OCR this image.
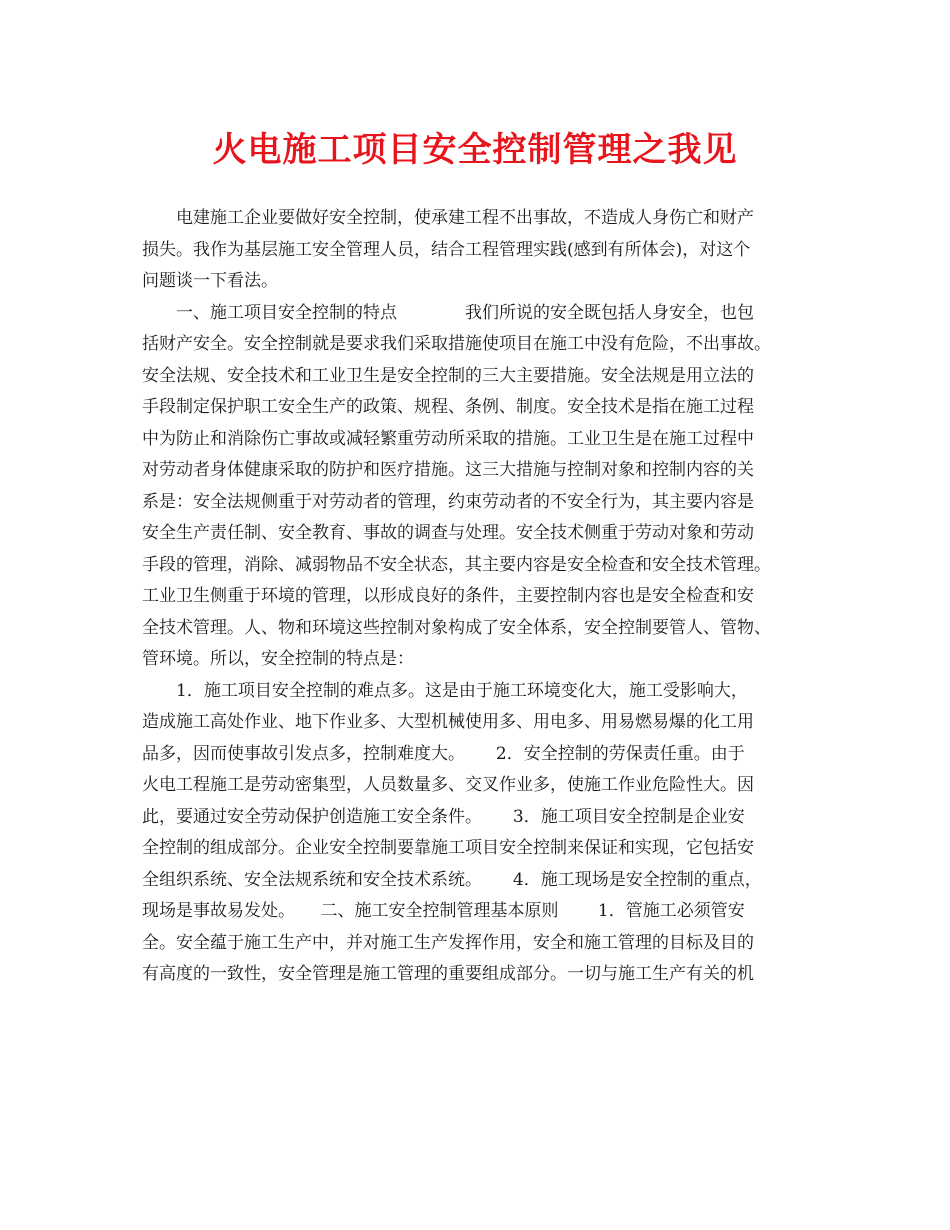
火电施工项目安全控制管理之我见
　　电建施工企业要做好安全控制，使承建工程不出事故，不造成人身伤亡和财产
损失。我作为基层施工安全管理人员，结合工程管理实践(感到有所体会)，对这个
问题谈一下看法。
　　一、施工项目安全控制的特点　　　　我们所说的安全既包括人身安全，也包
括财产安全。安全控制就是要求我们采取措施使项目在施工中没有危险，不出事故。
安全法规、安全技术和工业卫生是安全控制的三大主要措施。安全法规是用立法的
手段制定保护职工安全生产的政策、规程、条例、制度。安全技术是指在施工过程
中为防止和消除伤亡事故或减轻繁重劳动所采取的措施。工业卫生是在施工过程中
对劳动者身体健康采取的防护和医疗措施。这三大措施与控制对象和控制内容的关
系是：安全法规侧重于对劳动者的管理，约束劳动者的不安全行为，其主要内容是
安全生产责任制、安全教育、事故的调查与处理。安全技术侧重于劳动对象和劳动
手段的管理，消除、减弱物品不安全状态，其主要内容是安全检查和安全技术管理。
工业卫生侧重于环境的管理，以形成良好的条件，主要控制内容也是安全检查和安
全技术管理。人、物和环境这些控制对象构成了安全体系，安全控制要管人、管物、
管环境。所以，安全控制的特点是：
　　1．施工项目安全控制的难点多。这是由于施工环境变化大，施工受影响大，
造成施工高处作业、地下作业多、大型机械使用多、用电多、用易燃易爆的化工用
品多，因而使事故引发点多，控制难度大。　　 2．安全控制的劳保责任重。由于
火电工程施工是劳动密集型，人员数量多、交叉作业多，使施工作业危险性大。因
此，要通过安全劳动保护创造施工安全条件。　　 3．施工项目安全控制是企业安
全控制的组成部分。企业安全控制要靠施工项目安全控制来保证和实现，它包括安
全组织系统、安全法规系统和安全技术系统。　　 4．施工现场是安全控制的重点，
现场是事故易发处。　　二、施工安全控制管理基本原则　　 1．管施工必须管安
全。安全蕴于施工生产中，并对施工生产发挥作用，安全和施工管理的目标及目的
有高度的一致性，安全管理是施工管理的重要组成部分。一切与施工生产有关的机
